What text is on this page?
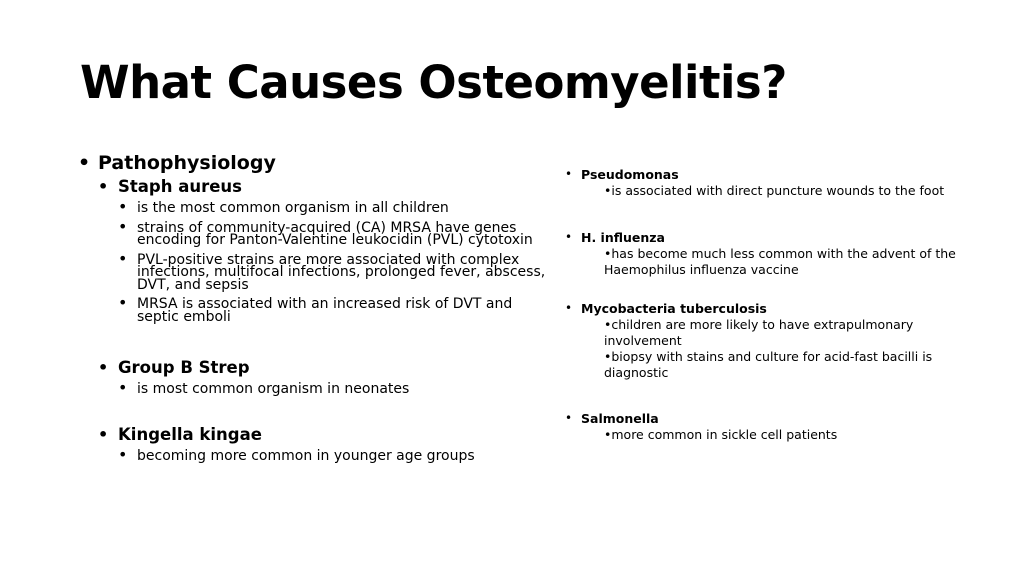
What Causes Osteomyelitis?
• Pathophysiology
• Staph aureus
• is the most common organism in all children
• strains of community-acquired (CA) MRSA have genes encoding for Panton-Valentine leukocidin (PVL) cytotoxin
• PVL-positive strains are more associated with complex infections, multifocal infections, prolonged fever, abscess, DVT, and sepsis
• MRSA is associated with an increased risk of DVT and septic emboli
• Group B Strep
• is most common organism in neonates
• Kingella kingae
• becoming more common in younger age groups
• Pseudomonas
•is associated with direct puncture wounds to the foot
• H. influenza
•has become much less common with the advent of the Haemophilus influenza vaccine
• Mycobacteria tuberculosis
•children are more likely to have extrapulmonary involvement
•biopsy with stains and culture for acid-fast bacilli is diagnostic
• Salmonella
•more common in sickle cell patients
